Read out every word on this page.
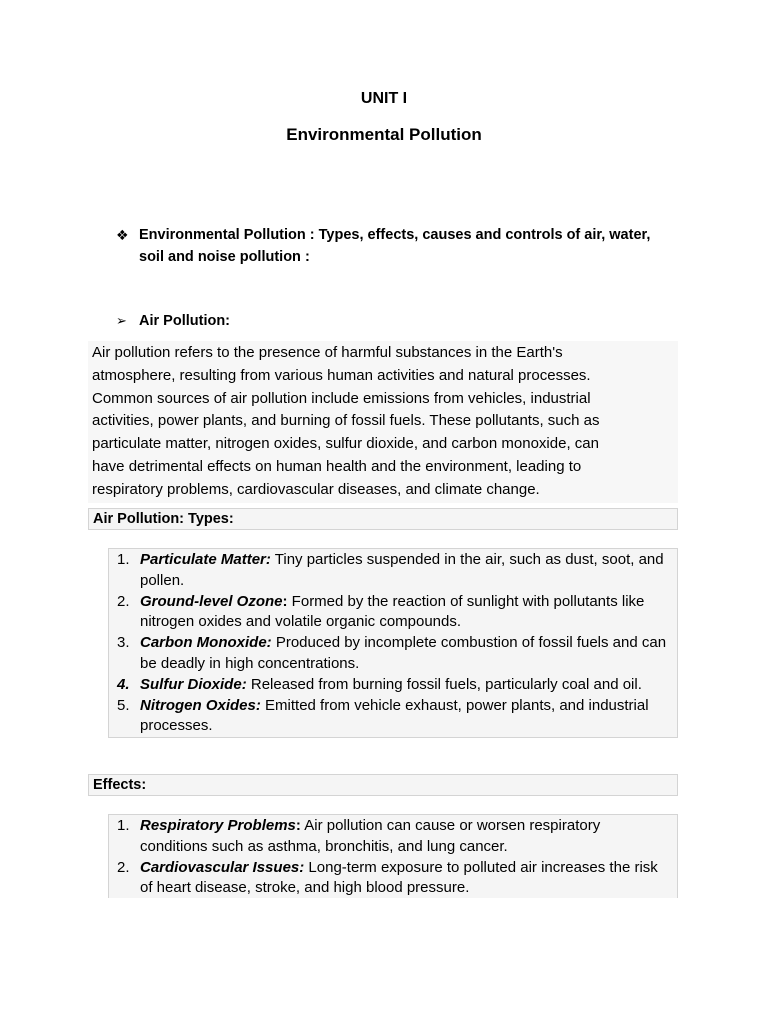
UNIT I
Environmental Pollution
❖ Environmental Pollution : Types, effects, causes and controls of air, water, soil and noise pollution :
➢ Air Pollution:
Air pollution refers to the presence of harmful substances in the Earth's
atmosphere, resulting from various human activities and natural processes.
Common sources of air pollution include emissions from vehicles, industrial
activities, power plants, and burning of fossil fuels. These pollutants, such as
particulate matter, nitrogen oxides, sulfur dioxide, and carbon monoxide, can
have detrimental effects on human health and the environment, leading to
respiratory problems, cardiovascular diseases, and climate change.
Air Pollution: Types:
1. Particulate Matter: Tiny particles suspended in the air, such as dust, soot, and pollen.
2. Ground-level Ozone: Formed by the reaction of sunlight with pollutants like nitrogen oxides and volatile organic compounds.
3. Carbon Monoxide: Produced by incomplete combustion of fossil fuels and can be deadly in high concentrations.
4. Sulfur Dioxide: Released from burning fossil fuels, particularly coal and oil.
5. Nitrogen Oxides: Emitted from vehicle exhaust, power plants, and industrial processes.
Effects:
1. Respiratory Problems: Air pollution can cause or worsen respiratory conditions such as asthma, bronchitis, and lung cancer.
2. Cardiovascular Issues: Long-term exposure to polluted air increases the risk of heart disease, stroke, and high blood pressure.
